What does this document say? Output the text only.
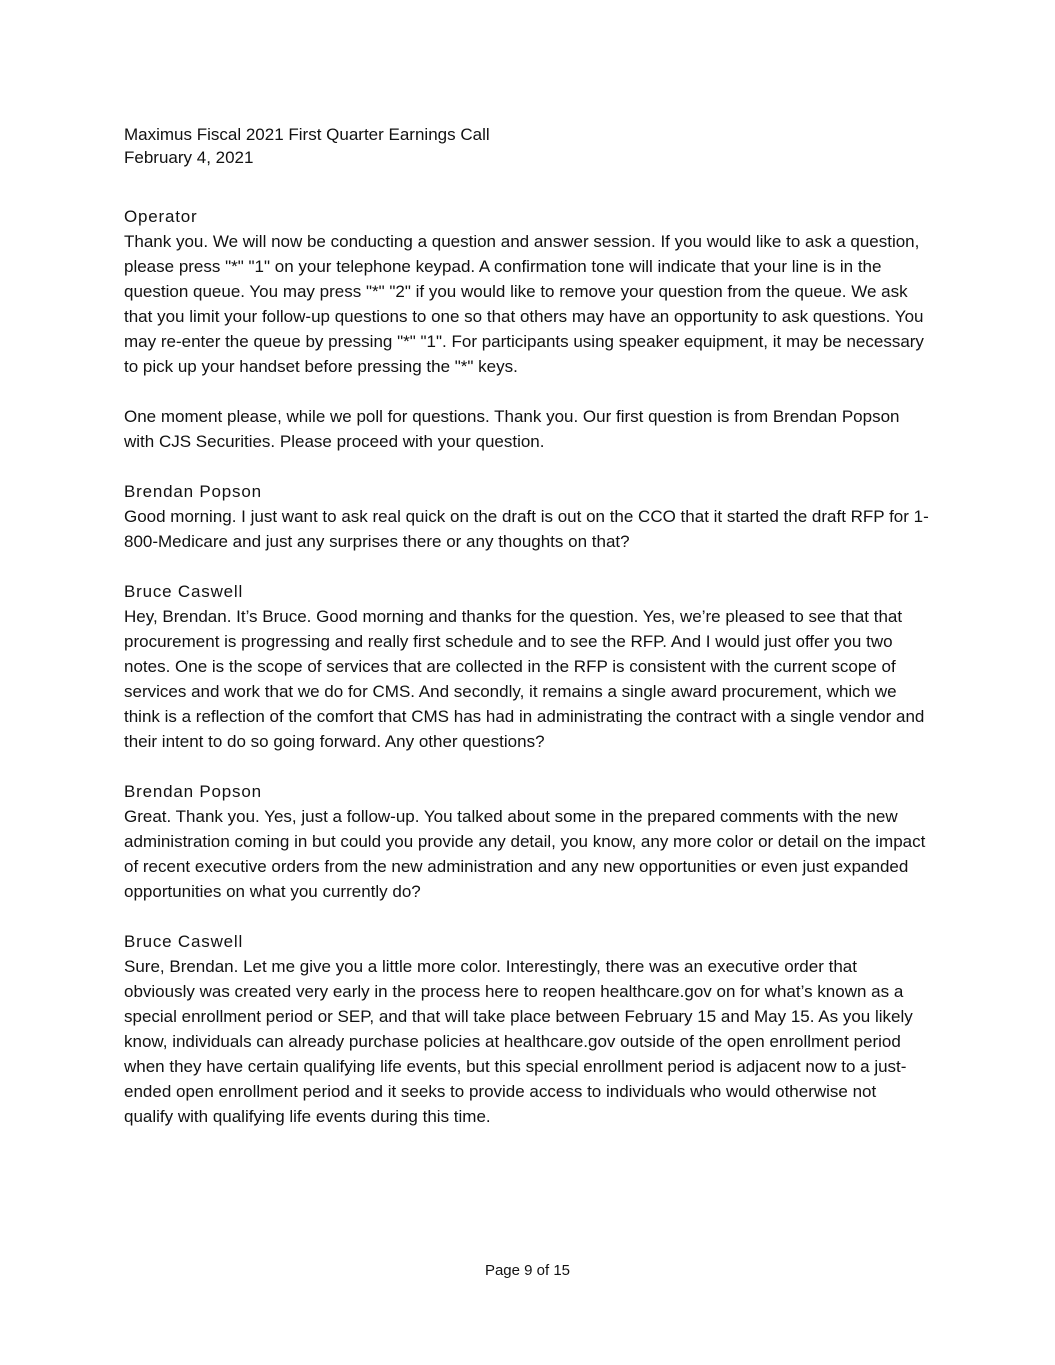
Maximus Fiscal 2021 First Quarter Earnings Call
February 4, 2021
Operator

Thank you. We will now be conducting a question and answer session. If you would like to ask a question, please press "*" "1" on your telephone keypad. A confirmation tone will indicate that your line is in the question queue. You may press "*" "2" if you would like to remove your question from the queue. We ask that you limit your follow-up questions to one so that others may have an opportunity to ask questions. You may re-enter the queue by pressing "*" "1". For participants using speaker equipment, it may be necessary to pick up your handset before pressing the "*" keys.

One moment please, while we poll for questions. Thank you. Our first question is from Brendan Popson with CJS Securities. Please proceed with your question.

Brendan Popson

Good morning. I just want to ask real quick on the draft is out on the CCO that it started the draft RFP for 1-800-Medicare and just any surprises there or any thoughts on that?

Bruce Caswell

Hey, Brendan. It’s Bruce. Good morning and thanks for the question. Yes, we’re pleased to see that that procurement is progressing and really first schedule and to see the RFP. And I would just offer you two notes. One is the scope of services that are collected in the RFP is consistent with the current scope of services and work that we do for CMS. And secondly, it remains a single award procurement, which we think is a reflection of the comfort that CMS has had in administrating the contract with a single vendor and their intent to do so going forward. Any other questions?

Brendan Popson

Great. Thank you. Yes, just a follow-up. You talked about some in the prepared comments with the new administration coming in but could you provide any detail, you know, any more color or detail on the impact of recent executive orders from the new administration and any new opportunities or even just expanded opportunities on what you currently do?

Bruce Caswell

Sure, Brendan. Let me give you a little more color. Interestingly, there was an executive order that obviously was created very early in the process here to reopen healthcare.gov on for what’s known as a special enrollment period or SEP, and that will take place between February 15 and May 15. As you likely know, individuals can already purchase policies at healthcare.gov outside of the open enrollment period when they have certain qualifying life events, but this special enrollment period is adjacent now to a just-ended open enrollment period and it seeks to provide access to individuals who would otherwise not qualify with qualifying life events during this time.

Page 9 of 15
